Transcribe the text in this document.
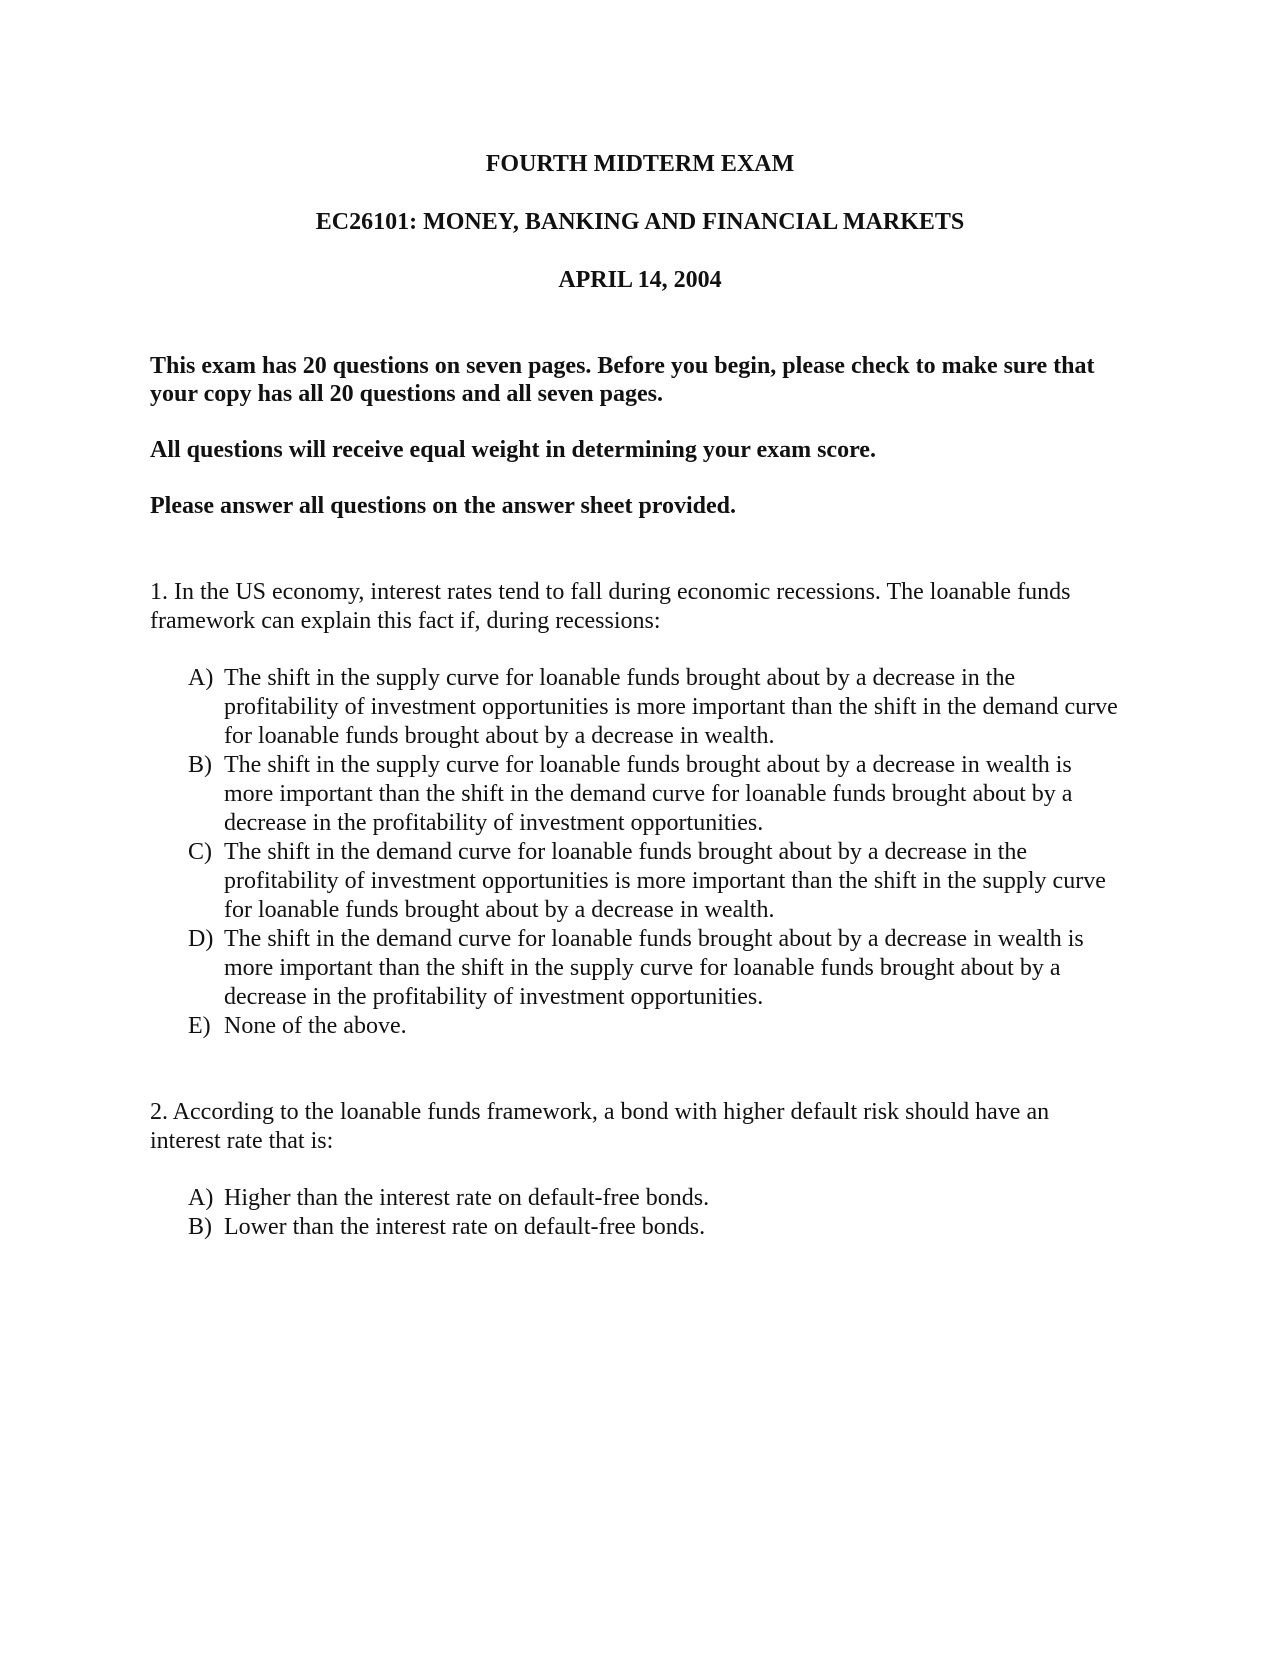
FOURTH MIDTERM EXAM
EC26101: MONEY, BANKING AND FINANCIAL MARKETS
APRIL 14, 2004

This exam has 20 questions on seven pages. Before you begin, please check to make sure that your copy has all 20 questions and all seven pages.

All questions will receive equal weight in determining your exam score.

Please answer all questions on the answer sheet provided.

1. In the US economy, interest rates tend to fall during economic recessions. The loanable funds framework can explain this fact if, during recessions:

A) The shift in the supply curve for loanable funds brought about by a decrease in the profitability of investment opportunities is more important than the shift in the demand curve for loanable funds brought about by a decrease in wealth.
B) The shift in the supply curve for loanable funds brought about by a decrease in wealth is more important than the shift in the demand curve for loanable funds brought about by a decrease in the profitability of investment opportunities.
C) The shift in the demand curve for loanable funds brought about by a decrease in the profitability of investment opportunities is more important than the shift in the supply curve for loanable funds brought about by a decrease in wealth.
D) The shift in the demand curve for loanable funds brought about by a decrease in wealth is more important than the shift in the supply curve for loanable funds brought about by a decrease in the profitability of investment opportunities.
E) None of the above.

2. According to the loanable funds framework, a bond with higher default risk should have an interest rate that is:

A) Higher than the interest rate on default-free bonds.
B) Lower than the interest rate on default-free bonds.
